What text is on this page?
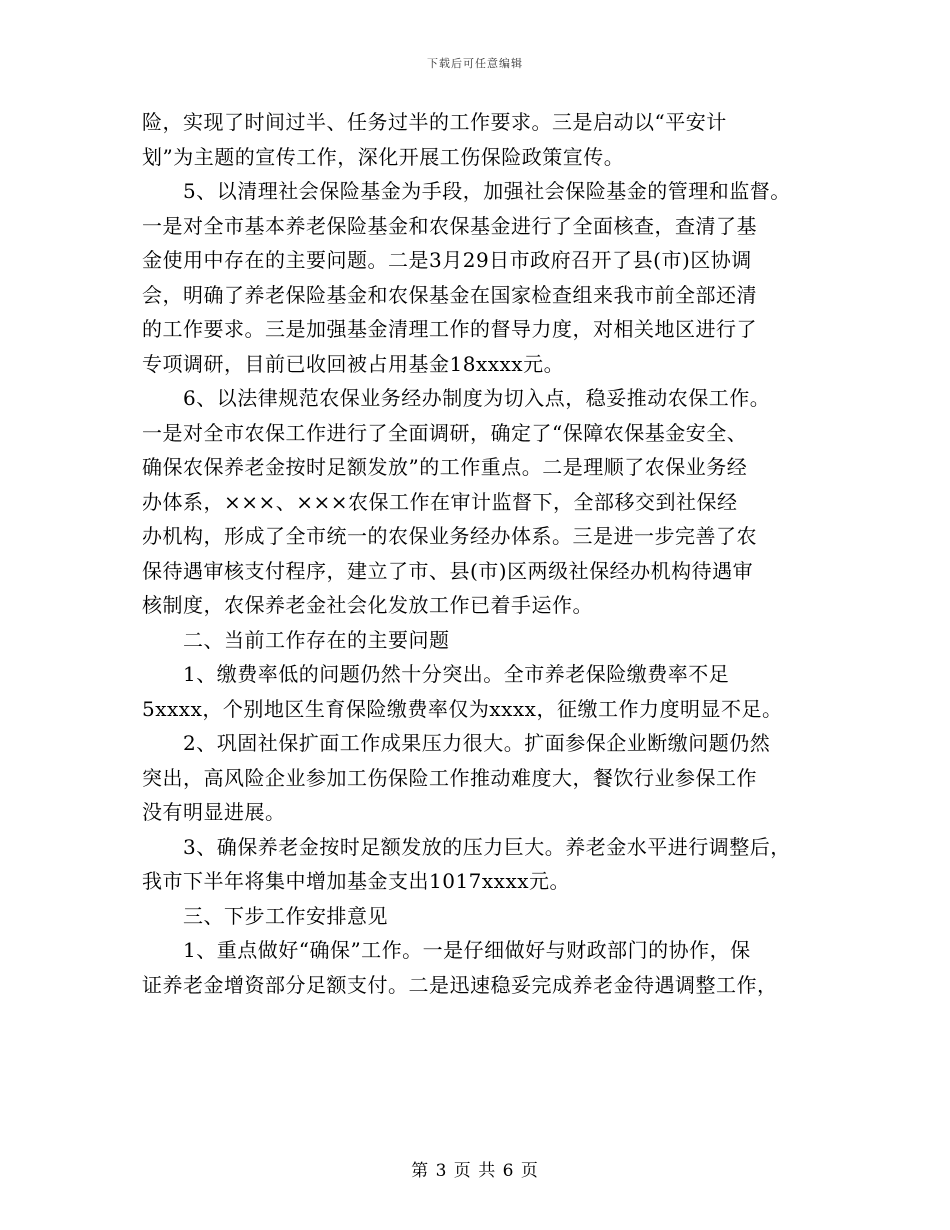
下载后可任意编辑
险，实现了时间过半、任务过半的工作要求。三是启动以“平安计
划”为主题的宣传工作，深化开展工伤保险政策宣传。
　　5、以清理社会保险基金为手段，加强社会保险基金的管理和监督。
一是对全市基本养老保险基金和农保基金进行了全面核查，查清了基
金使用中存在的主要问题。二是3月29日市政府召开了县(市)区协调
会，明确了养老保险基金和农保基金在国家检查组来我市前全部还清
的工作要求。三是加强基金清理工作的督导力度，对相关地区进行了
专项调研，目前已收回被占用基金18xxxx元。
　　6、以法律规范农保业务经办制度为切入点，稳妥推动农保工作。
一是对全市农保工作进行了全面调研，确定了“保障农保基金安全、
确保农保养老金按时足额发放”的工作重点。二是理顺了农保业务经
办体系，×××、×××农保工作在审计监督下，全部移交到社保经
办机构，形成了全市统一的农保业务经办体系。三是进一步完善了农
保待遇审核支付程序，建立了市、县(市)区两级社保经办机构待遇审
核制度，农保养老金社会化发放工作已着手运作。
　　二、当前工作存在的主要问题
　　1、缴费率低的问题仍然十分突出。全市养老保险缴费率不足
5xxxx，个别地区生育保险缴费率仅为xxxx，征缴工作力度明显不足。
　　2、巩固社保扩面工作成果压力很大。扩面参保企业断缴问题仍然
突出，高风险企业参加工伤保险工作推动难度大，餐饮行业参保工作
没有明显进展。
　　3、确保养老金按时足额发放的压力巨大。养老金水平进行调整后，
我市下半年将集中增加基金支出1017xxxx元。
　　三、下步工作安排意见
　　1、重点做好“确保”工作。一是仔细做好与财政部门的协作，保
证养老金增资部分足额支付。二是迅速稳妥完成养老金待遇调整工作，
第 3 页 共 6 页
